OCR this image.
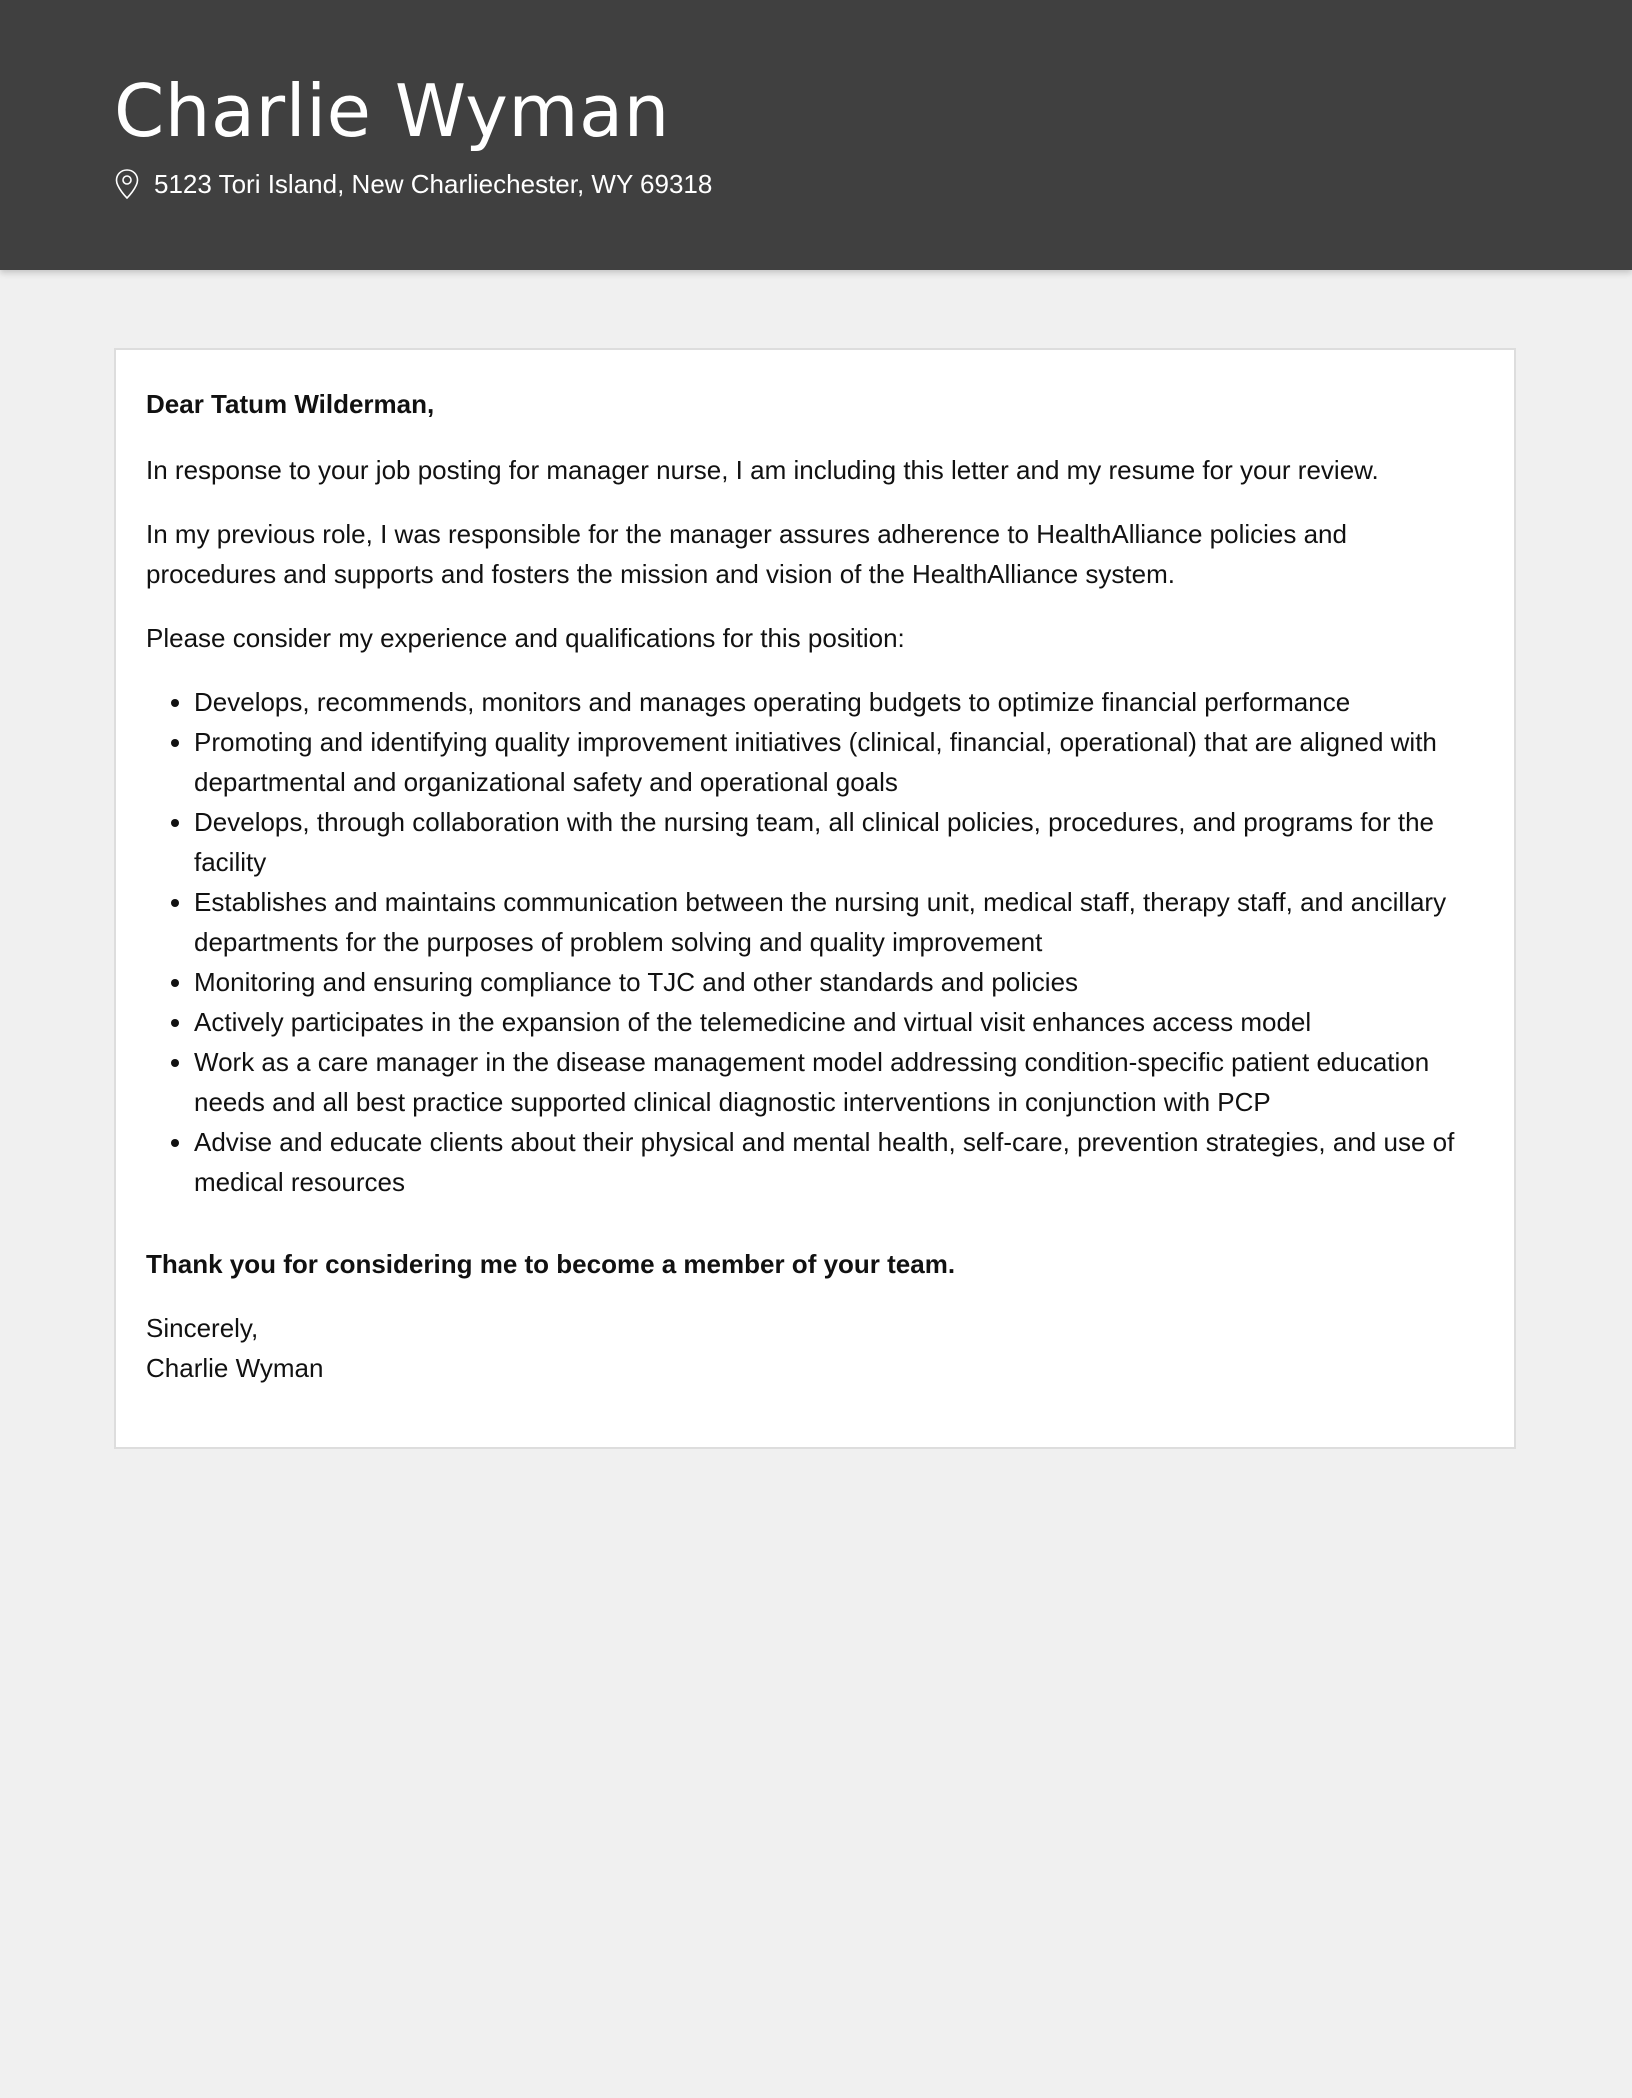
Charlie Wyman
5123 Tori Island, New Charliechester, WY 69318

Dear Tatum Wilderman,

In response to your job posting for manager nurse, I am including this letter and my resume for your review.

In my previous role, I was responsible for the manager assures adherence to HealthAlliance policies and procedures and supports and fosters the mission and vision of the HealthAlliance system.

Please consider my experience and qualifications for this position:

• Develops, recommends, monitors and manages operating budgets to optimize financial performance
• Promoting and identifying quality improvement initiatives (clinical, financial, operational) that are aligned with departmental and organizational safety and operational goals
• Develops, through collaboration with the nursing team, all clinical policies, procedures, and programs for the facility
• Establishes and maintains communication between the nursing unit, medical staff, therapy staff, and ancillary departments for the purposes of problem solving and quality improvement
• Monitoring and ensuring compliance to TJC and other standards and policies
• Actively participates in the expansion of the telemedicine and virtual visit enhances access model
• Work as a care manager in the disease management model addressing condition-specific patient education needs and all best practice supported clinical diagnostic interventions in conjunction with PCP
• Advise and educate clients about their physical and mental health, self-care, prevention strategies, and use of medical resources

Thank you for considering me to become a member of your team.

Sincerely,
Charlie Wyman
